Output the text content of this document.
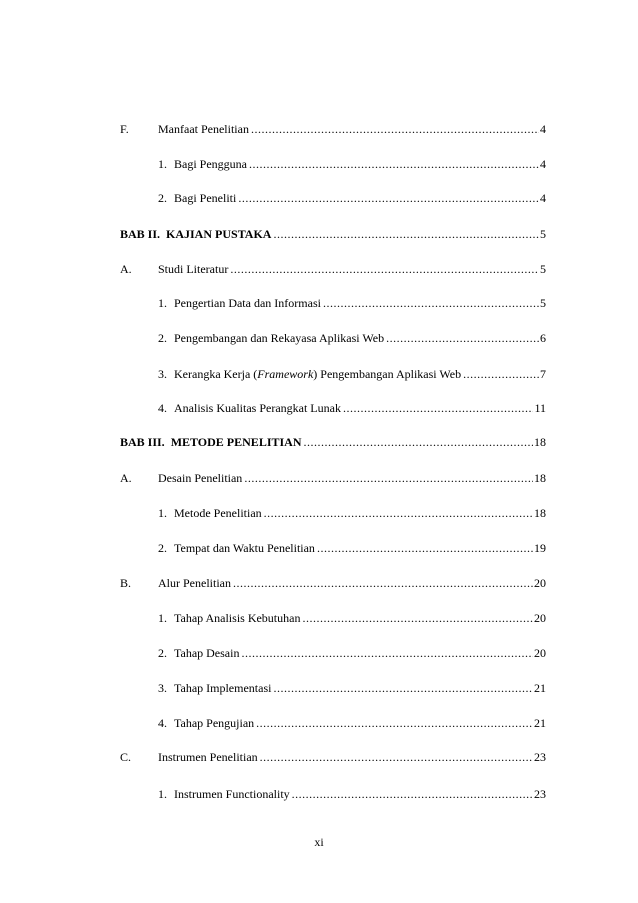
F.	Manfaat Penelitian .....	4
1. Bagi Pengguna .....	4
2. Bagi Peneliti .....	4
BAB II. KAJIAN PUSTAKA .....	5
A.	Studi Literatur .....	5
1. Pengertian Data dan Informasi .....	5
2. Pengembangan dan Rekayasa Aplikasi Web .....	6
3. Kerangka Kerja (Framework) Pengembangan Aplikasi Web .....	7
4. Analisis Kualitas Perangkat Lunak .....	11
BAB III. METODE PENELITIAN .....	18
A.	Desain Penelitian .....	18
1. Metode Penelitian .....	18
2. Tempat dan Waktu Penelitian .....	19
B.	Alur Penelitian .....	20
1. Tahap Analisis Kebutuhan .....	20
2. Tahap Desain .....	20
3. Tahap Implementasi .....	21
4. Tahap Pengujian .....	21
C.	Instrumen Penelitian .....	23
1. Instrumen Functionality .....	23
xi
